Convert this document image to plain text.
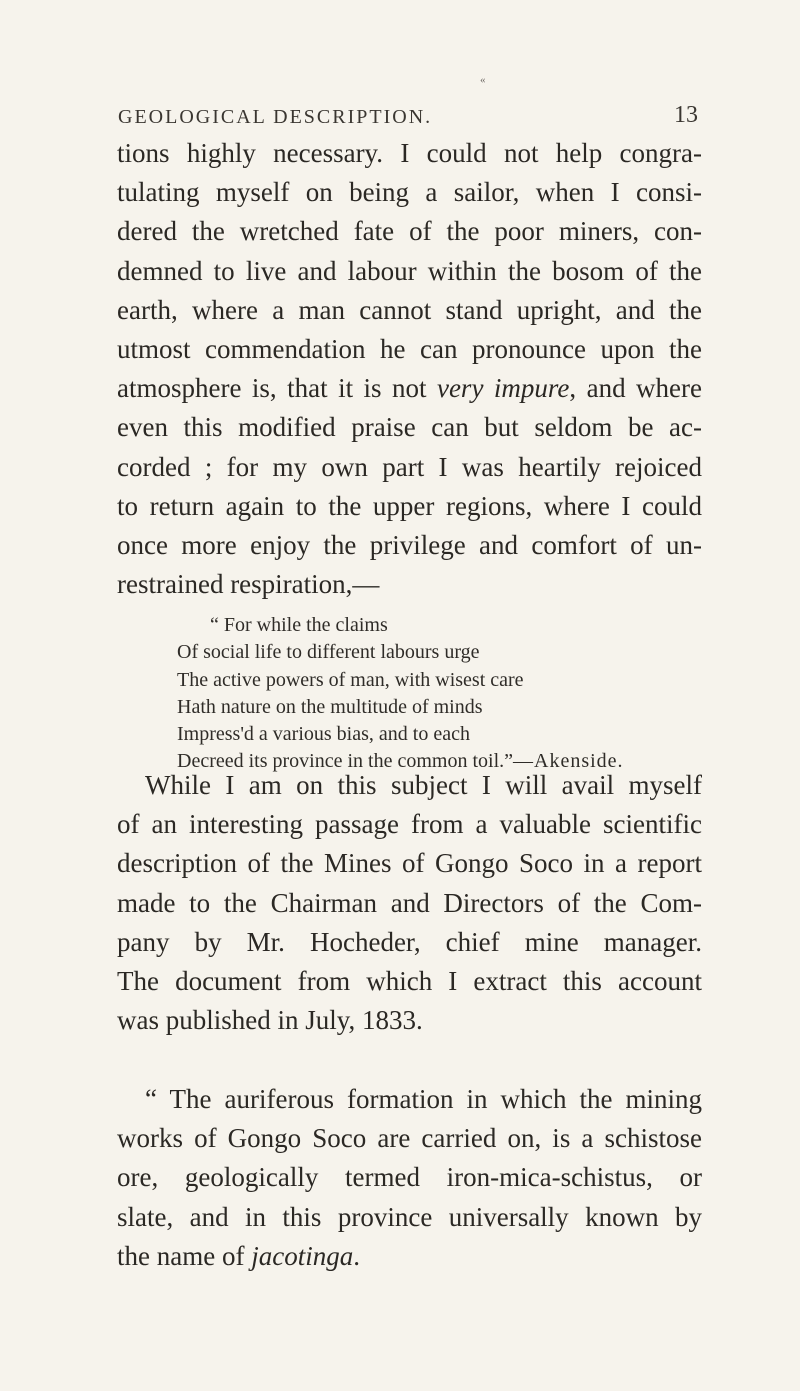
«
GEOLOGICAL DESCRIPTION.	13
tions highly necessary. I could not help congra-
tulating myself on being a sailor, when I consi-
dered the wretched fate of the poor miners, con-
demned to live and labour within the bosom of the
earth, where a man cannot stand upright, and the
utmost commendation he can pronounce upon the
atmosphere is, that it is not very impure, and where
even this modified praise can but seldom be ac-
corded ; for my own part I was heartily rejoiced
to return again to the upper regions, where I could
once more enjoy the privilege and comfort of un-
restrained respiration,—
“ For while the claims
Of social life to different labours urge
The active powers of man, with wisest care
Hath nature on the multitude of minds
Impress'd a various bias, and to each
Decreed its province in the common toil.”—Akenside.
While I am on this subject I will avail myself
of an interesting passage from a valuable scientific
description of the Mines of Gongo Soco in a report
made to the Chairman and Directors of the Com-
pany by Mr. Hocheder, chief mine manager.
The document from which I extract this account
was published in July, 1833.
“ The auriferous formation in which the mining
works of Gongo Soco are carried on, is a schistose
ore, geologically termed iron-mica-schistus, or
slate, and in this province universally known by
the name of jacotinga.
